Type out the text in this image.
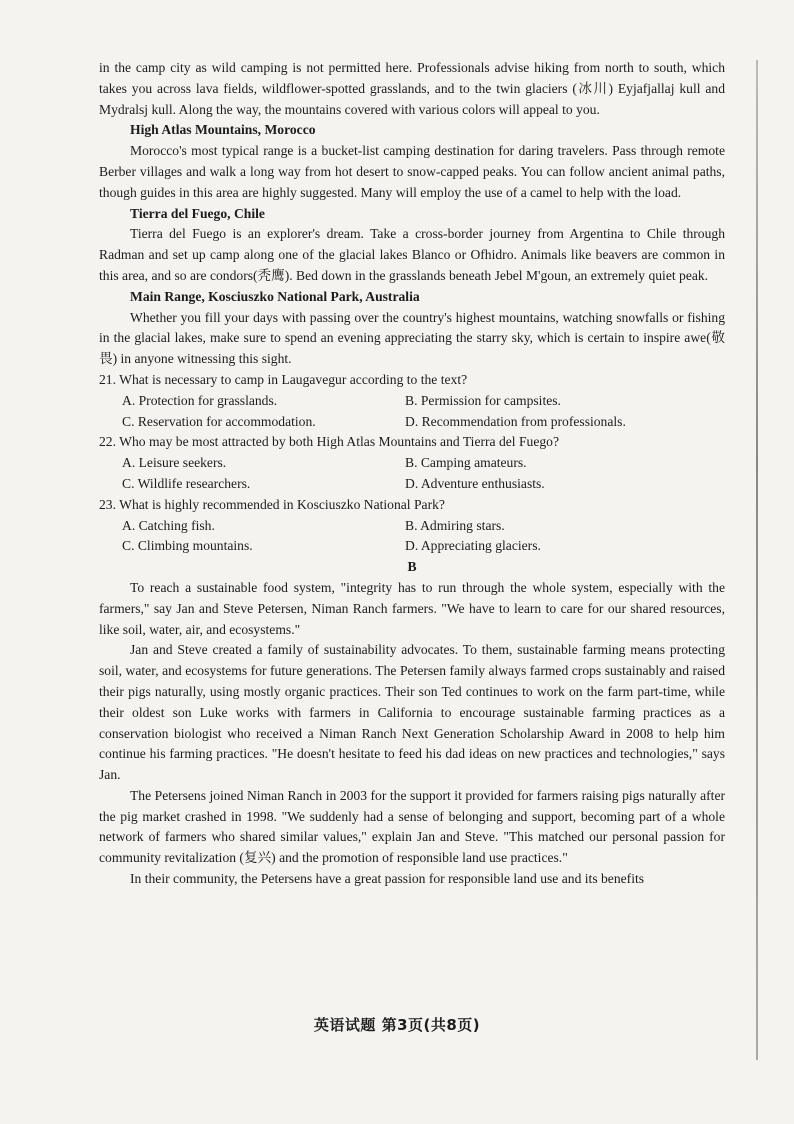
in the camp city as wild camping is not permitted here. Professionals advise hiking from north to south, which takes you across lava fields, wildflower-spotted grasslands, and to the twin glaciers (冰川) Eyjafjallaj kull and Mydralsj kull. Along the way, the mountains covered with various colors will appeal to you.

High Atlas Mountains, Morocco

Morocco's most typical range is a bucket-list camping destination for daring travelers. Pass through remote Berber villages and walk a long way from hot desert to snow-capped peaks. You can follow ancient animal paths, though guides in this area are highly suggested. Many will employ the use of a camel to help with the load.

Tierra del Fuego, Chile

Tierra del Fuego is an explorer's dream. Take a cross-border journey from Argentina to Chile through Radman and set up camp along one of the glacial lakes Blanco or Ofhidro. Animals like beavers are common in this area, and so are condors(秃鹰). Bed down in the grasslands beneath Jebel M'goun, an extremely quiet peak.

Main Range, Kosciuszko National Park, Australia

Whether you fill your days with passing over the country's highest mountains, watching snowfalls or fishing in the glacial lakes, make sure to spend an evening appreciating the starry sky, which is certain to inspire awe(敬畏) in anyone witnessing this sight.

21. What is necessary to camp in Laugavegur according to the text?

A. Protection for grasslands.	B. Permission for campsites.
C. Reservation for accommodation.	D. Recommendation from professionals.

22. Who may be most attracted by both High Atlas Mountains and Tierra del Fuego?

A. Leisure seekers.	B. Camping amateurs.
C. Wildlife researchers.	D. Adventure enthusiasts.

23. What is highly recommended in Kosciuszko National Park?

A. Catching fish.	B. Admiring stars.
C. Climbing mountains.	D. Appreciating glaciers.

B

To reach a sustainable food system, "integrity has to run through the whole system, especially with the farmers," say Jan and Steve Petersen, Niman Ranch farmers. "We have to learn to care for our shared resources, like soil, water, air, and ecosystems."

Jan and Steve created a family of sustainability advocates. To them, sustainable farming means protecting soil, water, and ecosystems for future generations. The Petersen family always farmed crops sustainably and raised their pigs naturally, using mostly organic practices. Their son Ted continues to work on the farm part-time, while their oldest son Luke works with farmers in California to encourage sustainable farming practices as a conservation biologist who received a Niman Ranch Next Generation Scholarship Award in 2008 to help him continue his farming practices. "He doesn't hesitate to feed his dad ideas on new practices and technologies," says Jan.

The Petersens joined Niman Ranch in 2003 for the support it provided for farmers raising pigs naturally after the pig market crashed in 1998. "We suddenly had a sense of belonging and support, becoming part of a whole network of farmers who shared similar values," explain Jan and Steve. "This matched our personal passion for community revitalization (复兴) and the promotion of responsible land use practices."

In their community, the Petersens have a great passion for responsible land use and its benefits

英语试题 第3页(共8页)
